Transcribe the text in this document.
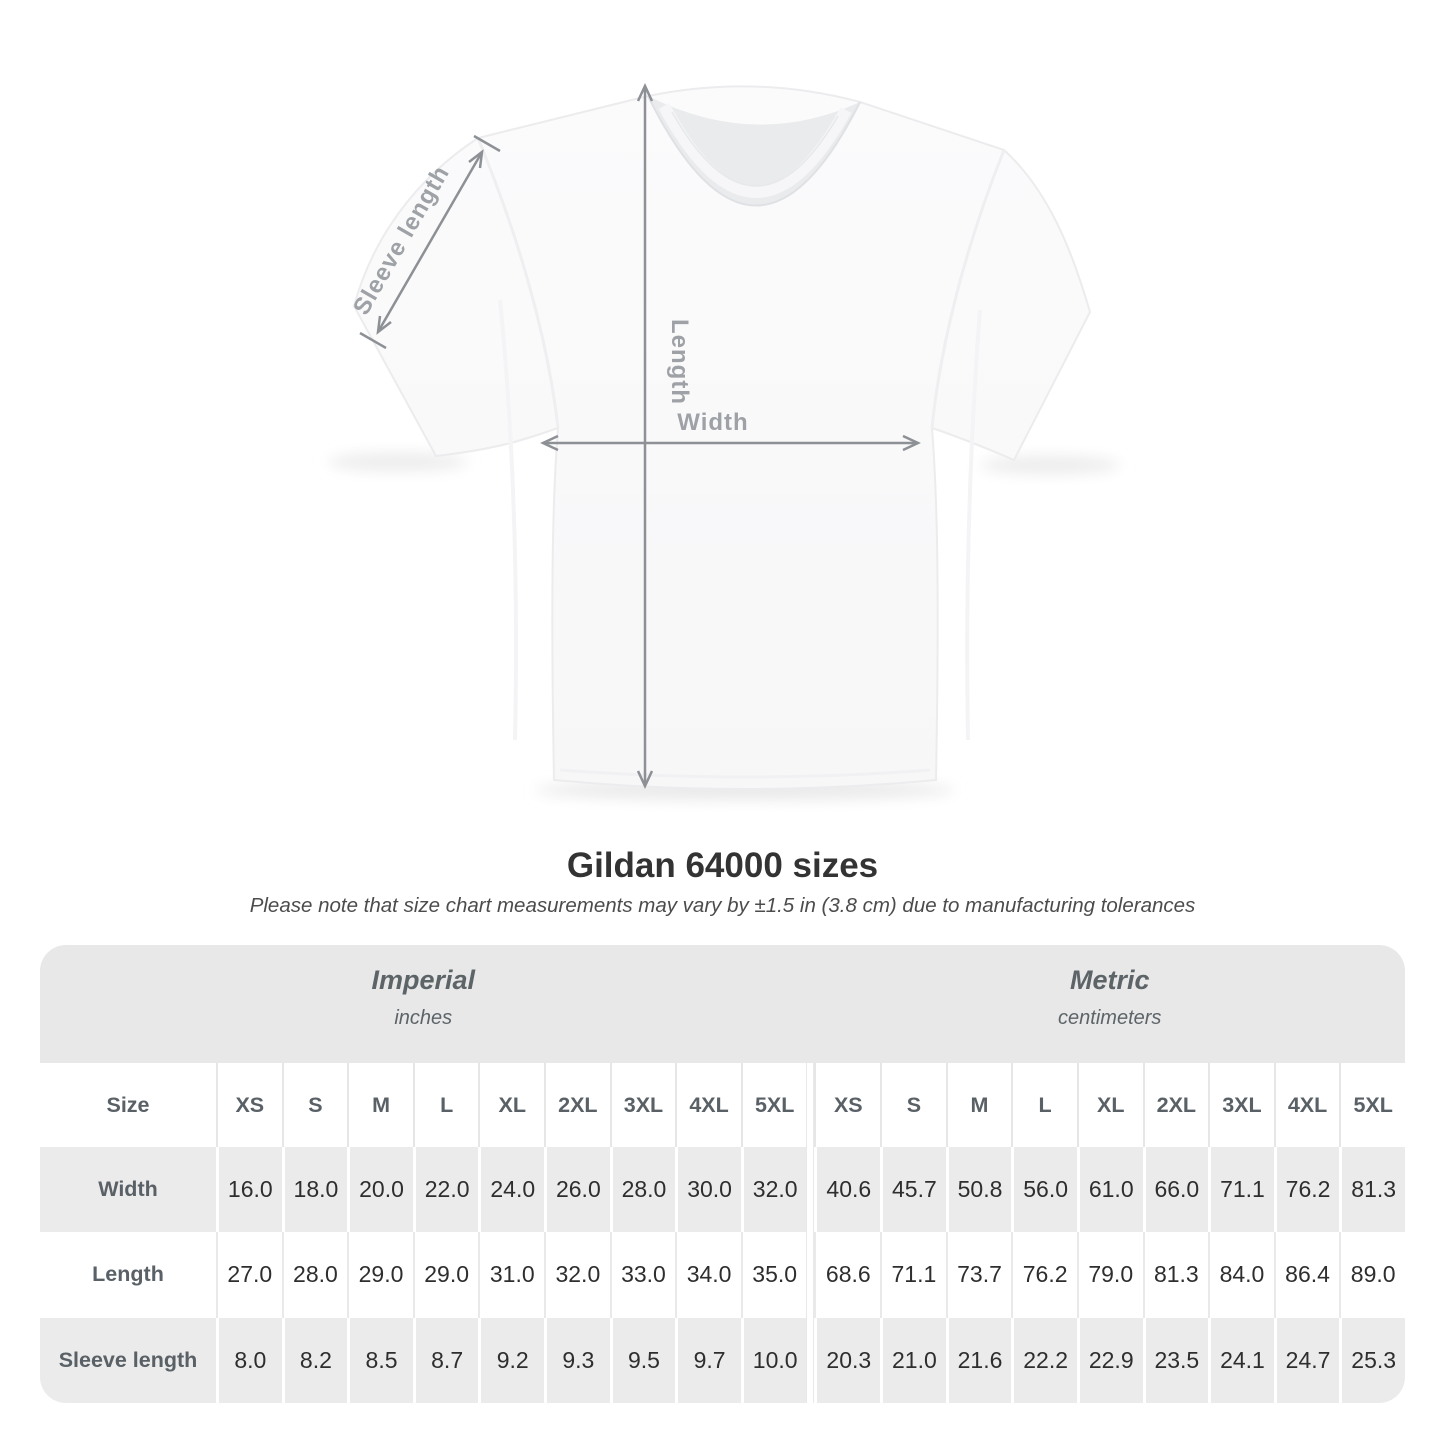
Sleeve length
Length
Width
Gildan 64000 sizes
Please note that size chart measurements may vary by ±1.5 in (3.8 cm) due to manufacturing tolerances
Imperial
inches

Metric
centimeters

Size	XS	S	M	L	XL	2XL	3XL	4XL	5XL		XS	S	M	L	XL	2XL	3XL	4XL	5XL
Width	16.0	18.0	20.0	22.0	24.0	26.0	28.0	30.0	32.0		40.6	45.7	50.8	56.0	61.0	66.0	71.1	76.2	81.3
Length	27.0	28.0	29.0	29.0	31.0	32.0	33.0	34.0	35.0		68.6	71.1	73.7	76.2	79.0	81.3	84.0	86.4	89.0
Sleeve length	8.0	8.2	8.5	8.7	9.2	9.3	9.5	9.7	10.0		20.3	21.0	21.6	22.2	22.9	23.5	24.1	24.7	25.3
